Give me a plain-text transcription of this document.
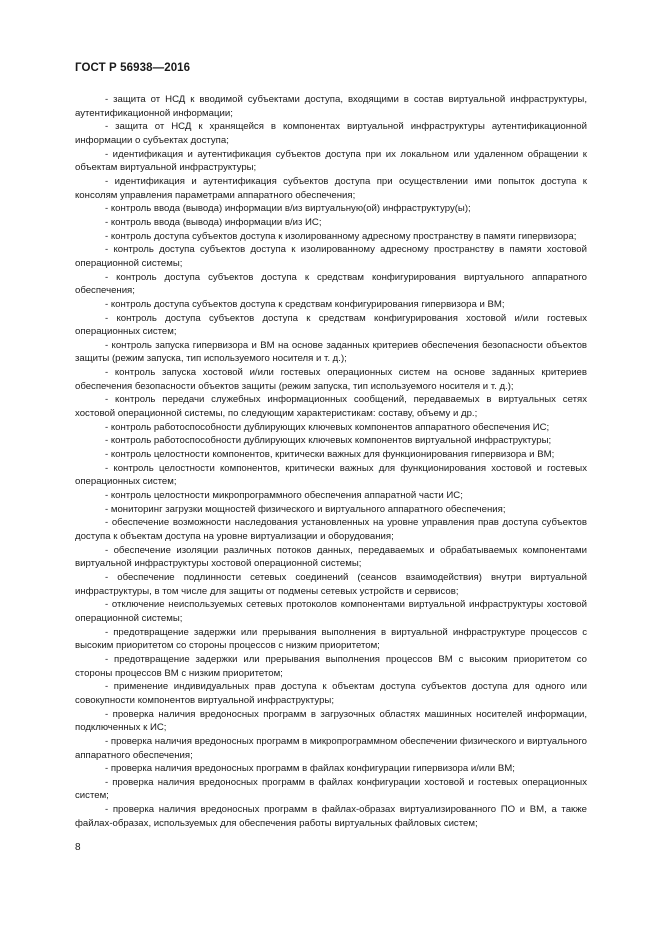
ГОСТ Р 56938—2016

- защита от НСД к вводимой субъектами доступа, входящими в состав виртуальной инфраструктуры, аутентификационной информации;

- защита от НСД к хранящейся в компонентах виртуальной инфраструктуры аутентификационной информации о субъектах доступа;

- идентификация и аутентификация субъектов доступа при их локальном или удаленном обращении к объектам виртуальной инфраструктуры;

- идентификация и аутентификация субъектов доступа при осуществлении ими попыток доступа к консолям управления параметрами аппаратного обеспечения;

- контроль ввода (вывода) информации в/из виртуальную(ой) инфраструктуру(ы);

- контроль ввода (вывода) информации в/из ИС;

- контроль доступа субъектов доступа к изолированному адресному пространству в памяти гипервизора;

- контроль доступа субъектов доступа к изолированному адресному пространству в памяти хостовой операционной системы;

- контроль доступа субъектов доступа к средствам конфигурирования виртуального аппаратного обеспечения;

- контроль доступа субъектов доступа к средствам конфигурирования гипервизора и ВМ;

- контроль доступа субъектов доступа к средствам конфигурирования хостовой и/или гостевых операционных систем;

- контроль запуска гипервизора и ВМ на основе заданных критериев обеспечения безопасности объектов защиты (режим запуска, тип используемого носителя и т. д.);

- контроль запуска хостовой и/или гостевых операционных систем на основе заданных критериев обеспечения безопасности объектов защиты (режим запуска, тип используемого носителя и т. д.);

- контроль передачи служебных информационных сообщений, передаваемых в виртуальных сетях хостовой операционной системы, по следующим характеристикам: составу, объему и др.;

- контроль работоспособности дублирующих ключевых компонентов аппаратного обеспечения ИС;

- контроль работоспособности дублирующих ключевых компонентов виртуальной инфраструктуры;

- контроль целостности компонентов, критически важных для функционирования гипервизора и ВМ;

- контроль целостности компонентов, критически важных для функционирования хостовой и гостевых операционных систем;

- контроль целостности микропрограммного обеспечения аппаратной части ИС;

- мониторинг загрузки мощностей физического и виртуального аппаратного обеспечения;

- обеспечение возможности наследования установленных на уровне управления прав доступа субъектов доступа к объектам доступа на уровне виртуализации и оборудования;

- обеспечение изоляции различных потоков данных, передаваемых и обрабатываемых компонентами виртуальной инфраструктуры хостовой операционной системы;

- обеспечение подлинности сетевых соединений (сеансов взаимодействия) внутри виртуальной инфраструктуры, в том числе для защиты от подмены сетевых устройств и сервисов;

- отключение неиспользуемых сетевых протоколов компонентами виртуальной инфраструктуры хостовой операционной системы;

- предотвращение задержки или прерывания выполнения в виртуальной инфраструктуре процессов с высоким приоритетом со стороны процессов с низким приоритетом;

- предотвращение задержки или прерывания выполнения процессов ВМ с высоким приоритетом со стороны процессов ВМ с низким приоритетом;

- применение индивидуальных прав доступа к объектам доступа субъектов доступа для одного или совокупности компонентов виртуальной инфраструктуры;

- проверка наличия вредоносных программ в загрузочных областях машинных носителей информации, подключенных к ИС;

- проверка наличия вредоносных программ в микропрограммном обеспечении физического и виртуального аппаратного обеспечения;

- проверка наличия вредоносных программ в файлах конфигурации гипервизора и/или ВМ;

- проверка наличия вредоносных программ в файлах конфигурации хостовой и гостевых операционных систем;

- проверка наличия вредоносных программ в файлах-образах виртуализированного ПО и ВМ, а также файлах-образах, используемых для обеспечения работы виртуальных файловых систем;

8
